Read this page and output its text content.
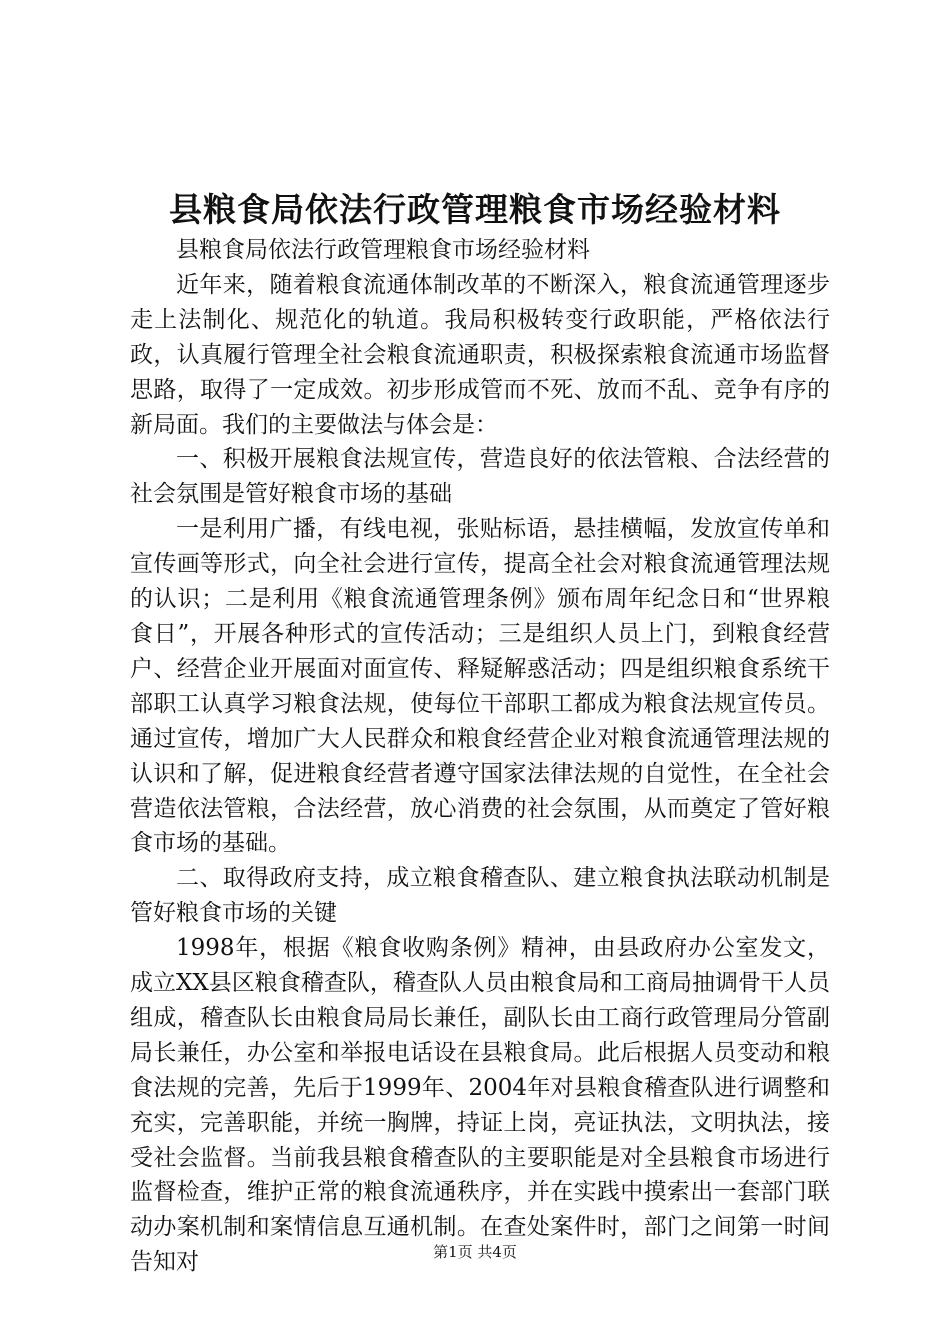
县粮食局依法行政管理粮食市场经验材料

县粮食局依法行政管理粮食市场经验材料

近年来，随着粮食流通体制改革的不断深入，粮食流通管理逐步走上法制化、规范化的轨道。我局积极转变行政职能，严格依法行政，认真履行管理全社会粮食流通职责，积极探索粮食流通市场监督思路，取得了一定成效。初步形成管而不死、放而不乱、竞争有序的新局面。我们的主要做法与体会是：

一、积极开展粮食法规宣传，营造良好的依法管粮、合法经营的社会氛围是管好粮食市场的基础

一是利用广播，有线电视，张贴标语，悬挂横幅，发放宣传单和宣传画等形式，向全社会进行宣传，提高全社会对粮食流通管理法规的认识；二是利用《粮食流通管理条例》颁布周年纪念日和“世界粮食日”，开展各种形式的宣传活动；三是组织人员上门，到粮食经营户、经营企业开展面对面宣传、释疑解惑活动；四是组织粮食系统干部职工认真学习粮食法规，使每位干部职工都成为粮食法规宣传员。通过宣传，增加广大人民群众和粮食经营企业对粮食流通管理法规的认识和了解，促进粮食经营者遵守国家法律法规的自觉性，在全社会营造依法管粮，合法经营，放心消费的社会氛围，从而奠定了管好粮食市场的基础。

二、取得政府支持，成立粮食稽查队、建立粮食执法联动机制是管好粮食市场的关键

1998年，根据《粮食收购条例》精神，由县政府办公室发文，成立XX县区粮食稽查队，稽查队人员由粮食局和工商局抽调骨干人员组成，稽查队长由粮食局局长兼任，副队长由工商行政管理局分管副局长兼任，办公室和举报电话设在县粮食局。此后根据人员变动和粮食法规的完善，先后于1999年、2004年对县粮食稽查队进行调整和充实，完善职能，并统一胸牌，持证上岗，亮证执法，文明执法，接受社会监督。当前我县粮食稽查队的主要职能是对全县粮食市场进行监督检查，维护正常的粮食流通秩序，并在实践中摸索出一套部门联动办案机制和案情信息互通机制。在查处案件时，部门之间第一时间告知对	第1页 共4页
